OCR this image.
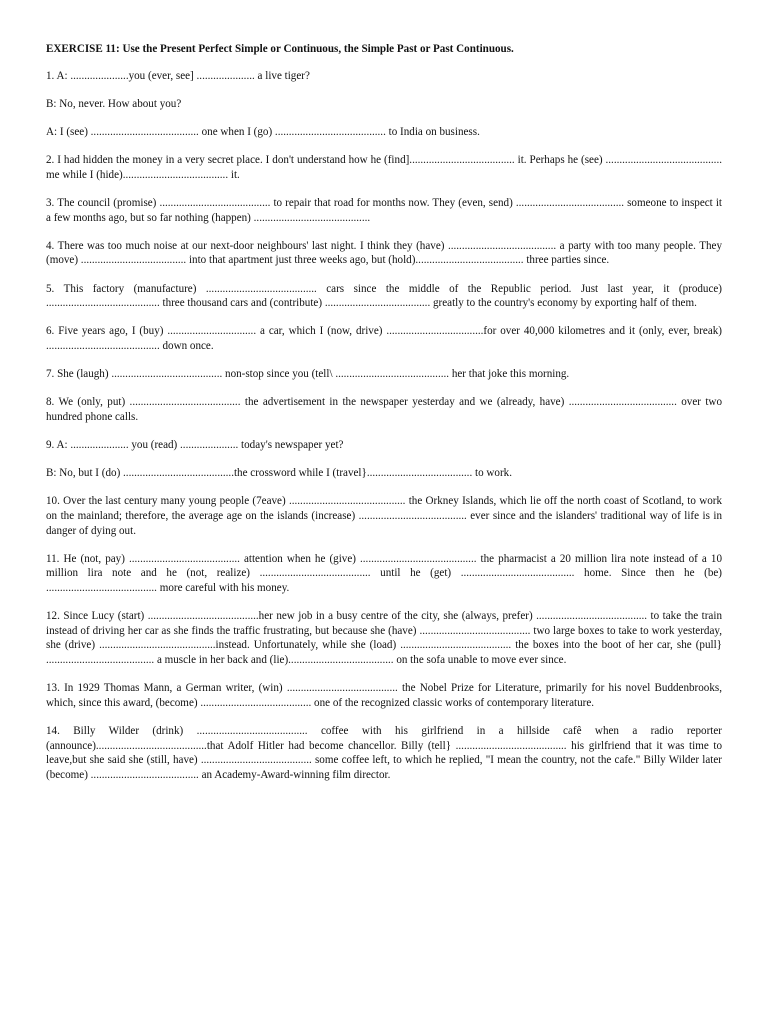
EXERCISE 11: Use the Present Perfect Simple or Continuous, the Simple Past or Past Continuous.

1. A: .....................you (ever, see] ..................... a live tiger?

B: No, never. How about you?

A: I (see) ....................................... one when I (go) ........................................ to India on business.

2. I had hidden the money in a very secret place. I don't understand how he (find]...................................... it. Perhaps he (see) .......................................... me while I (hide)...................................... it.

3. The council (promise) ........................................ to repair that road for months now. They (even, send) ....................................... someone to inspect it a few months ago, but so far nothing (happen) ..........................................

4. There was too much noise at our next-door neighbours' last night. I think they (have) ....................................... a party with too many people. They (move) ...................................... into that apartment just three weeks ago, but (hold)....................................... three parties since.

5. This factory (manufacture) ........................................ cars since the middle of the Republic period. Just last year, it (produce) ......................................... three thousand cars and (contribute) ...................................... greatly to the country's economy by exporting half of them.

6. Five years ago, I (buy) ................................ a car, which I (now, drive) ...................................for over 40,000 kilometres and it (only, ever, break) ......................................... down once.

7. She (laugh) ........................................ non-stop since you (tell\ ......................................... her that joke this morning.

8. We (only, put) ........................................ the advertisement in the newspaper yesterday and we (already, have) ....................................... over two hundred phone calls.

9. A: ..................... you (read) ..................... today's newspaper yet?

B: No, but I (do) ........................................the crossword while I (travel}...................................... to work.

10. Over the last century many young people (7eave) .......................................... the Orkney Islands, which lie off the north coast of Scotland, to work on the mainland; therefore, the average age on the islands (increase) ....................................... ever since and the islanders' traditional way of life is in danger of dying out.

11. He (not, pay) ........................................ attention when he (give) .......................................... the pharmacist a 20 million lira note instead of a 10 million lira note and he (not, realize) ........................................ until he (get) ......................................... home. Since then he (be) ........................................ more careful with his money.

12. Since Lucy (start) ........................................her new job in a busy centre of the city, she (always, prefer) ........................................ to take the train instead of driving her car as she finds the traffic frustrating, but because she (have) ........................................ two large boxes to take to work yesterday, she (drive) ..........................................instead. Unfortunately, while she (load) ........................................ the boxes into the boot of her car, she (pull} ....................................... a muscle in her back and (lie)...................................... on the sofa unable to move ever since.

13. In 1929 Thomas Mann, a German writer, (win) ........................................ the Nobel Prize for Literature, primarily for his novel Buddenbrooks, which, since this award, (become) ........................................ one of the recognized classic works of contemporary literature.

14. Billy Wilder (drink) ........................................ coffee with his girlfriend in a hillside cafê when a radio reporter (announce)........................................that Adolf Hitler had become chancellor. Billy (tell} ........................................ his girlfriend that it was time to leave,but she said she (still, have) ........................................ some coffee left, to which he replied, "I mean the country, not the cafe." Billy Wilder later (become) ....................................... an Academy-Award-winning film director.
